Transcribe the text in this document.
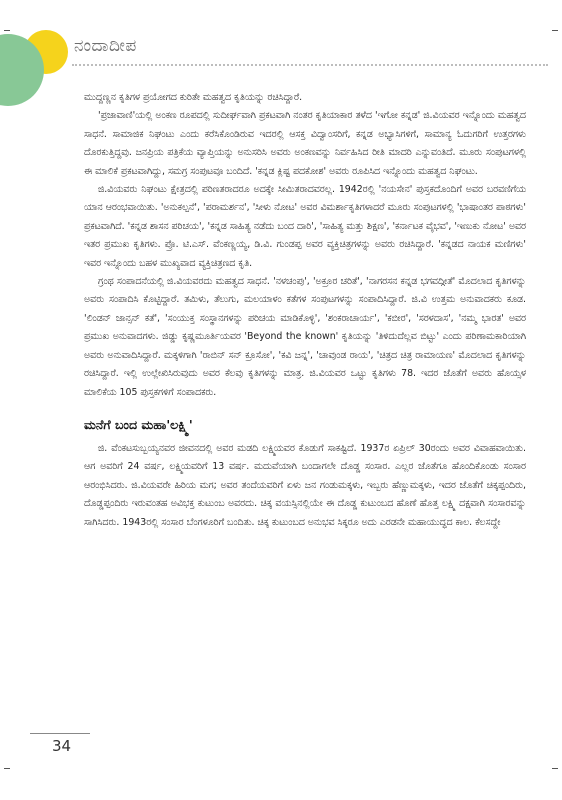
ನಂದಾದೀಪ

ಮುದ್ದಣ್ಣನ ಕೃತಿಗಳ ಪ್ರಯೋಗದ ಕುರಿತೇ ಮಹತ್ವದ ಕೃತಿಯನ್ನು ರಚಿಸಿದ್ದಾರೆ.

'ಪ್ರಜಾವಾಣಿ'ಯಲ್ಲಿ ಅಂಕಣ ರೂಪದಲ್ಲಿ ಸುದೀರ್ಘವಾಗಿ ಪ್ರಕಟವಾಗಿ ನಂತರ ಕೃತಿಯಾಕಾರ ತಳೆದ 'ಇಗೋ ಕನ್ನಡ' ಜಿ.ವಿಯವರ ಇನ್ನೊಂದು ಮಹತ್ವದ ಸಾಧನೆ. ಸಾಮಾಜಿಕ ನಿಘಂಟು ಎಂದು ಕರೆಸಿಕೊಂಡಿರುವ ಇದರಲ್ಲಿ ಆಸಕ್ತ ವಿದ್ವಾಂಸರಿಗೆ, ಕನ್ನಡ ಅಭ್ಯಾಸಿಗಳಿಗೆ, ಸಾಮಾನ್ಯ ಓದುಗರಿಗೆ ಉತ್ತರಗಳು ದೊರಕುತ್ತಿದ್ದವು. ಜನಪ್ರಿಯ ಪತ್ರಿಕೆಯ ವ್ಯಾಪ್ತಿಯನ್ನು ಅನುಸರಿಸಿ ಅವರು ಅಂಕಣವನ್ನು ನಿರ್ವಹಿಸಿದ ರೀತಿ ಮಾದರಿ ಎನ್ನುವಂತಿದೆ. ಮೂರು ಸಂಪುಟಗಳಲ್ಲಿ ಈ ಮಾಲಿಕೆ ಪ್ರಕಟವಾಗಿದ್ದು, ಸಮಗ್ರ ಸಂಪುಟವೂ ಬಂದಿದೆ. 'ಕನ್ನಡ ಕ್ಲಿಷ್ಟ ಪದಕೋಶ' ಅವರು ರೂಪಿಸಿದ ಇನ್ನೊಂದು ಮಹತ್ವದ ನಿಘಂಟು.

ಜಿ.ವಿಯವರು ನಿಘಂಟು ಕ್ಷೇತ್ರದಲ್ಲಿ ಪರಿಣತರಾದರೂ ಅದಕ್ಕೇ ಸೀಮಿತರಾದವರಲ್ಲ. 1942ರಲ್ಲಿ 'ನಯಸೇನ' ಪುಸ್ತಕದೊಂದಿಗೆ ಅವರ ಬರವಣಿಗೆಯ ಯಾನ ಆರಂಭವಾಯಿತು. 'ಅನುಕಲ್ಪನೆ', 'ಪರಾಮರ್ಶನ', 'ಸೀಳು ನೋಟ' ಅವರ ವಿಮರ್ಶಾಕೃತಿಗಳಾದರೆ ಮೂರು ಸಂಪುಟಗಳಲ್ಲಿ 'ಭಾಷಾಂತರ ಪಾಠಗಳು' ಪ್ರಕಟವಾಗಿದೆ. 'ಕನ್ನಡ ಶಾಸನ ಪರಿಚಯ', 'ಕನ್ನಡ ಸಾಹಿತ್ಯ ನಡೆದು ಬಂದ ದಾರಿ', 'ಸಾಹಿತ್ಯ ಮತ್ತು ಶಿಕ್ಷಣ', 'ಕರ್ನಾಟಕ ವೈಭವ', 'ಇಣುಕು ನೋಟ' ಅವರ ಇತರ ಪ್ರಮುಖ ಕೃತಿಗಳು. ಪ್ರೊ. ಟಿ.ಎಸ್. ವೆಂಕಣ್ಣಯ್ಯ, ಡಿ.ವಿ. ಗುಂಡಪ್ಪ ಅವರ ವ್ಯಕ್ತಿಚಿತ್ರಗಳನ್ನು ಅವರು ರಚಿಸಿದ್ದಾರೆ. 'ಕನ್ನಡದ ನಾಯಕ ಮಣಿಗಳು' ಇವರ ಇನ್ನೊಂದು ಬಹಳ ಮುಖ್ಯವಾದ ವ್ಯಕ್ತಿಚಿತ್ರಣದ ಕೃತಿ.

ಗ್ರಂಥ ಸಂಪಾದನೆಯಲ್ಲಿ ಜಿ.ವಿಯವರದು ಮಹತ್ವದ ಸಾಧನೆ. 'ನಳಚಂಪು', 'ಅಕ್ರೂರ ಚರಿತೆ', 'ನಾಗರಸನ ಕನ್ನಡ ಭಗವದ್ಗೀತೆ' ಮೊದಲಾದ ಕೃತಿಗಳನ್ನು ಅವರು ಸಂಪಾದಿಸಿ ಕೊಟ್ಟಿದ್ದಾರೆ. ತಮಿಳು, ತೆಲುಗು, ಮಲಯಾಳಂ ಕತೆಗಳ ಸಂಪುಟಗಳನ್ನು ಸಂಪಾದಿಸಿದ್ದಾರೆ. ಜಿ.ವಿ ಉತ್ತಮ ಅನುವಾದಕರು ಕೂಡ. 'ಲಿಂಡನ್ ಜಾನ್ಸನ್ ಕತೆ', 'ಸಂಯುಕ್ತ ಸಂಸ್ಥಾನಗಳನ್ನು ಪರಿಚಯ ಮಾಡಿಕೊಳ್ಳಿ', 'ಶಂಕರಾಚಾರ್ಯ', 'ಕಬೀರ', 'ಸರಳದಾಸ', 'ನಮ್ಮ ಭಾರತ' ಅವರ ಪ್ರಮುಖ ಅನುವಾದಗಳು. ಜಿಡ್ಡು ಕೃಷ್ಣಮೂರ್ತಿಯವರ 'Beyond the known' ಕೃತಿಯನ್ನು 'ತಿಳಿದುದೆಲ್ಲವ ಬಿಟ್ಟು' ಎಂದು ಪರಿಣಾಮಕಾರಿಯಾಗಿ ಅವರು ಅನುವಾದಿಸಿದ್ದಾರೆ. ಮಕ್ಕಳಿಗಾಗಿ 'ರಾಬಿನ್ ಸನ್ ಕ್ರೂಸೋ', 'ಕವಿ ಜನ್ನ', 'ಚಾವುಂಡ ರಾಯ', 'ಚಿತ್ರದ ಚಿತ್ರ ರಾಮಾಯಣ' ಮೊದಲಾದ ಕೃತಿಗಳನ್ನು ರಚಿಸಿದ್ದಾರೆ. ಇಲ್ಲಿ ಉಲ್ಲೇಖಿಸಿರುವುದು ಅವರ ಕೆಲವು ಕೃತಿಗಳನ್ನು ಮಾತ್ರ. ಜಿ.ವಿಯವರ ಒಟ್ಟು ಕೃತಿಗಳು 78. ಇದರ ಜೊತೆಗೆ ಅವರು ಹೊಯ್ಸಳ ಮಾಲಿಕೆಯ 105 ಪುಸ್ತಕಗಳಿಗೆ ಸಂಪಾದಕರು.

ಮನೆಗೆ ಬಂದ ಮಹಾ'ಲಕ್ಷ್ಮಿ'

ಜಿ. ವೆಂಕಟಸುಬ್ಬಯ್ಯನವರ ಜೀವನದಲ್ಲಿ ಅವರ ಮಡದಿ ಲಕ್ಷ್ಮಿಯವರ ಕೊಡುಗೆ ಸಾಕಷ್ಟಿದೆ. 1937ರ ಏಪ್ರಿಲ್ 30ರಂದು ಅವರ ವಿವಾಹವಾಯಿತು. ಆಗ ಅವರಿಗೆ 24 ವರ್ಷ, ಲಕ್ಷ್ಮಿಯವರಿಗೆ 13 ವರ್ಷ. ಮದುವೆಯಾಗಿ ಬಂದಾಗಲೇ ದೊಡ್ಡ ಸಂಸಾರ. ಎಲ್ಲರ ಜೊತೆಗೂ ಹೊಂದಿಕೊಂಡು ಸಂಸಾರ ಆರಂಭಿಸಿದರು. ಜಿ.ವಿಯವರೇ ಹಿರಿಯ ಮಗ; ಅವರ ತಂದೆಯವರಿಗೆ ಏಳು ಜನ ಗಂಡುಮಕ್ಕಳು, ಇಬ್ಬರು ಹೆಣ್ಣುಮಕ್ಕಳು, ಇದರ ಜೊತೆಗೆ ಚಿಕ್ಕಪ್ಪಂದಿರು, ದೊಡ್ಡಪ್ಪಂದಿರು ಇರುವಂತಹ ಅವಿಭಕ್ತ ಕುಟುಂಬ ಅವರದು. ಚಿಕ್ಕ ವಯಸ್ಸಿನಲ್ಲಿಯೇ ಈ ದೊಡ್ಡ ಕುಟುಂಬದ ಹೊಣೆ ಹೊತ್ತ ಲಕ್ಷ್ಮಿ ದಕ್ಷವಾಗಿ ಸಂಸಾರವನ್ನು ಸಾಗಿಸಿದರು. 1943ರಲ್ಲಿ ಸಂಸಾರ ಬೆಂಗಳೂರಿಗೆ ಬಂದಿತು. ಚಿಕ್ಕ ಕುಟುಂಬದ ಅನುಭವ ಸಿಕ್ಕರೂ ಅದು ಎರಡನೇ ಮಹಾಯುದ್ಧದ ಕಾಲ. ಕೆಲಸದ್ದೇ

34
